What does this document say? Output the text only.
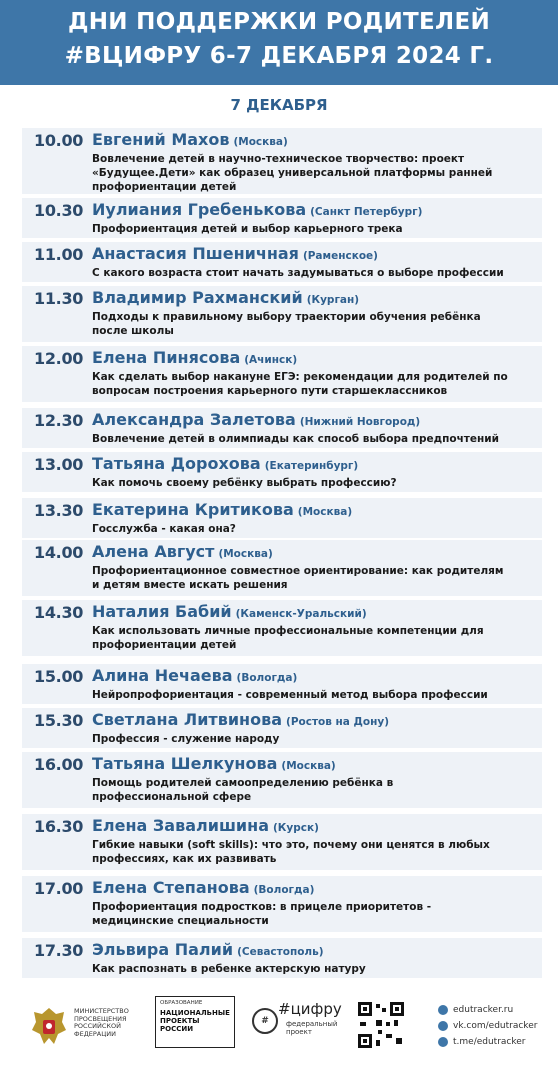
ДНИ ПОДДЕРЖКИ РОДИТЕЛЕЙ
#ВЦИФРУ 6-7 ДЕКАБРЯ 2024 Г.
7 ДЕКАБРЯ
10.00 Евгений Махов (Москва)
Вовлечение детей в научно-техническое творчество: проект «Будущее.Дети» как образец универсальной платформы ранней профориентации детей
10.30 Иулиания Гребенькова (Санкт Петербург)
Профориентация детей и выбор карьерного трека
11.00 Анастасия Пшеничная (Раменское)
С какого возраста стоит начать задумываться о выборе профессии
11.30 Владимир Рахманский (Курган)
Подходы к правильному выбору траектории обучения ребёнка после школы
12.00 Елена Пинясова (Ачинск)
Как сделать выбор накануне ЕГЭ: рекомендации для родителей по вопросам построения карьерного пути старшеклассников
12.30 Александра Залетова (Нижний Новгород)
Вовлечение детей в олимпиады как способ выбора предпочтений
13.00 Татьяна Дорохова (Екатеринбург)
Как помочь своему ребёнку выбрать профессию?
13.30 Екатерина Критикова (Москва)
Госслужба - какая она?
14.00 Алена Август (Москва)
Профориентационное совместное ориентирование: как родителям и детям вместе искать решения
14.30 Наталия Бабий (Каменск-Уральский)
Как использовать личные профессиональные компетенции для профориентации детей
15.00 Алина Нечаева (Вологда)
Нейропрофориентация - современный метод выбора профессии
15.30 Светлана Литвинова (Ростов на Дону)
Профессия - служение народу
16.00 Татьяна Шелкунова (Москва)
Помощь родителей самоопределению ребёнка в профессиональной сфере
16.30 Елена Завалишина (Курск)
Гибкие навыки (soft skills): что это, почему они ценятся в любых профессиях, как их развивать
17.00 Елена Степанова (Вологда)
Профориентация подростков: в прицеле приоритетов - медицинские специальности
17.30 Эльвира Палий (Севастополь)
Как распознать в ребенке актерскую натуру
МИНИСТЕРСТВО ПРОСВЕЩЕНИЯ РОССИЙСКОЙ ФЕДЕРАЦИИ
ОБРАЗОВАНИЕ
НАЦИОНАЛЬНЫЕ ПРОЕКТЫ РОССИИ
#
#цифру
федеральный проект
edutracker.ru
vk.com/edutracker
t.me/edutracker
